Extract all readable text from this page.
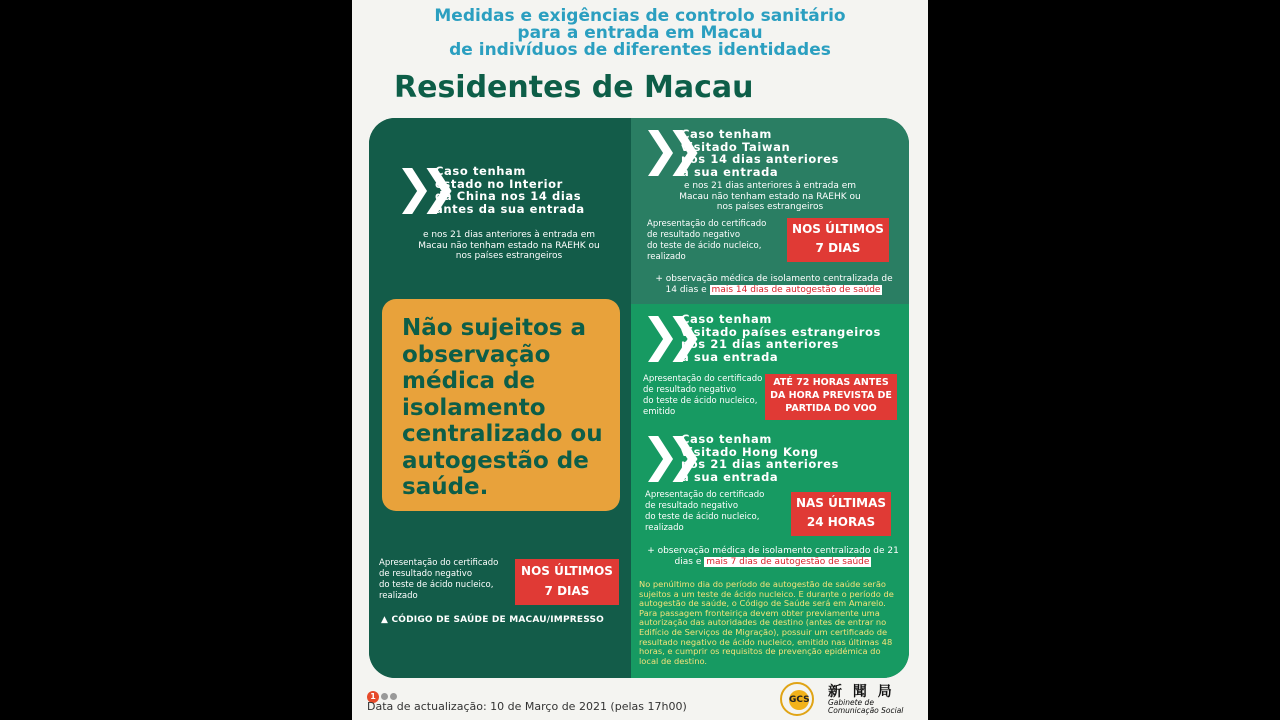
Medidas e exigências de controlo sanitário
para a entrada em Macau
de indivíduos de diferentes identidades
Residentes de Macau
❯❯
Caso tenham
estado no Interior
da China nos 14 dias
antes da sua entrada
e nos 21 dias anteriores à entrada em
Macau não tenham estado na RAEHK ou
nos países estrangeiros
Não sujeitos a
observação
médica de
isolamento
centralizado ou
autogestão de
saúde.
Apresentação do certificado
de resultado negativo
do teste de ácido nucleico,
realizado
NOS ÚLTIMOS
7 DIAS
▲ CÓDIGO DE SAÚDE DE MACAU/IMPRESSO
❯❯
Caso tenham
visitado Taiwan
nos 14 dias anteriores
à sua entrada
e nos 21 dias anteriores à entrada em
Macau não tenham estado na RAEHK ou
nos países estrangeiros
Apresentação do certificado
de resultado negativo
do teste de ácido nucleico,
realizado
NOS ÚLTIMOS
7 DIAS
+ observação médica de isolamento centralizada de
14 dias e mais 14 dias de autogestão de saúde
❯❯
Caso tenham
visitado países estrangeiros
nos 21 dias anteriores
à sua entrada
Apresentação do certificado
de resultado negativo
do teste de ácido nucleico,
emitido
ATÉ 72 HORAS ANTES
DA HORA PREVISTA DE
PARTIDA DO VOO
❯❯
Caso tenham
visitado Hong Kong
nos 21 dias anteriores
à sua entrada
Apresentação do certificado
de resultado negativo
do teste de ácido nucleico,
realizado
NAS ÚLTIMAS
24 HORAS
+ observação médica de isolamento centralizado de 21
dias e mais 7 dias de autogestão de saúde
No penúltimo dia do período de autogestão de saúde serão
sujeitos a um teste de ácido nucleico. E durante o período de
autogestão de saúde, o Código de Saúde será em Amarelo.
Para passagem fronteiriça devem obter previamente uma
autorização das autoridades de destino (antes de entrar no
Edifício de Serviços de Migração), possuir um certificado de
resultado negativo de ácido nucleico, emitido nas últimas 48
horas, e cumprir os requisitos de prevenção epidémica do
local de destino.
1
Data de actualização: 10 de Março de 2021 (pelas 17h00)	GCS 新 聞 局
Gabinete de
Comunicação Social
